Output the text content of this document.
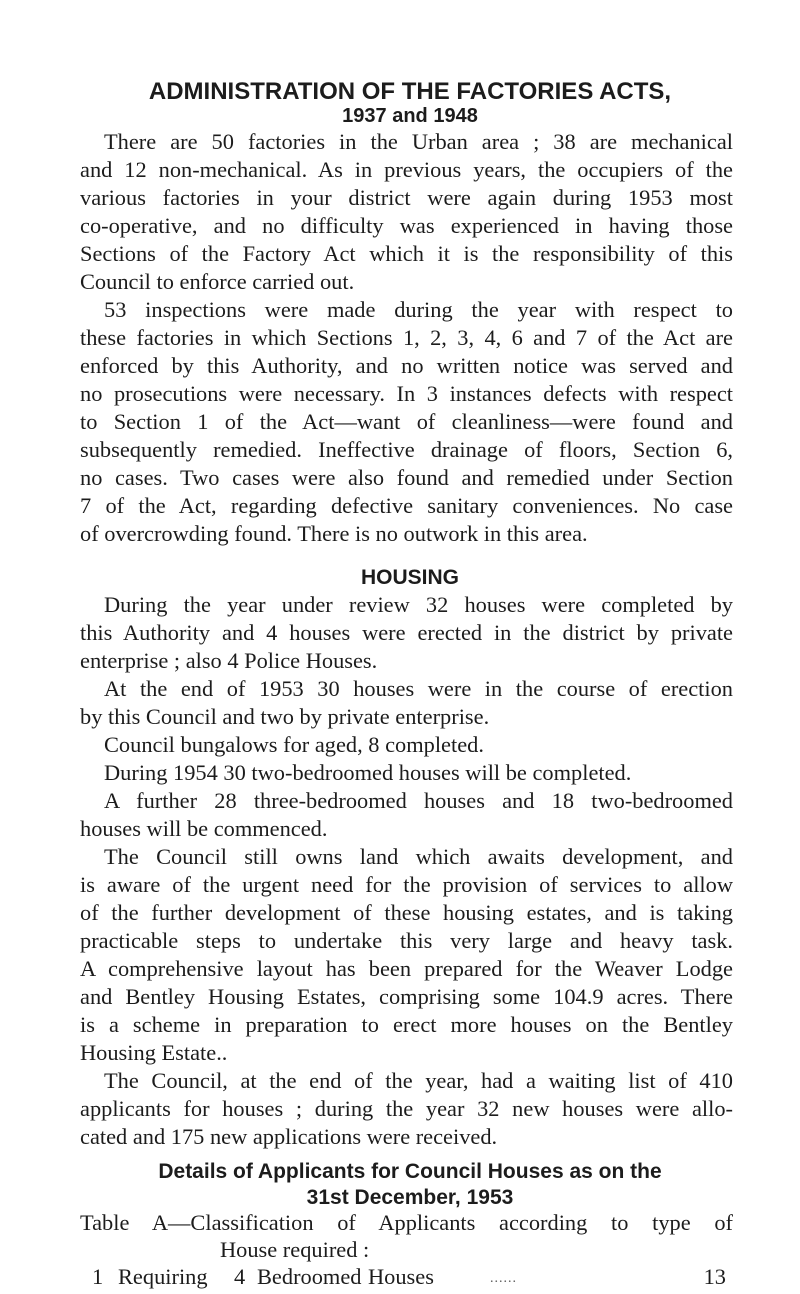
ADMINISTRATION OF THE FACTORIES ACTS,
1937 and 1948
There are 50 factories in the Urban area ; 38 are mechanical
and 12 non-mechanical. As in previous years, the occupiers of the
various factories in your district were again during 1953 most
co-operative, and no difficulty was experienced in having those
Sections of the Factory Act which it is the responsibility of this
Council to enforce carried out.
53 inspections were made during the year with respect to
these factories in which Sections 1, 2, 3, 4, 6 and 7 of the Act are
enforced by this Authority, and no written notice was served and
no prosecutions were necessary. In 3 instances defects with respect
to Section 1 of the Act—want of cleanliness—were found and
subsequently remedied. Ineffective drainage of floors, Section 6,
no cases. Two cases were also found and remedied under Section
7 of the Act, regarding defective sanitary conveniences. No case
of overcrowding found. There is no outwork in this area.
HOUSING
During the year under review 32 houses were completed by
this Authority and 4 houses were erected in the district by private
enterprise ; also 4 Police Houses.
At the end of 1953 30 houses were in the course of erection
by this Council and two by private enterprise.
Council bungalows for aged, 8 completed.
During 1954 30 two-bedroomed houses will be completed.
A further 28 three-bedroomed houses and 18 two-bedroomed
houses will be commenced.
The Council still owns land which awaits development, and
is aware of the urgent need for the provision of services to allow
of the further development of these housing estates, and is taking
practicable steps to undertake this very large and heavy task.
A comprehensive layout has been prepared for the Weaver Lodge
and Bentley Housing Estates, comprising some 104.9 acres. There
is a scheme in preparation to erect more houses on the Bentley
Housing Estate..
The Council, at the end of the year, had a waiting list of 410
applicants for houses ; during the year 32 new houses were allo-
cated and 175 new applications were received.
Details of Applicants for Council Houses as on the
31st December, 1953
Table A—Classification of Applicants according to type of
House required :
1 Requiring 4 Bedroomed Houses	......	13
